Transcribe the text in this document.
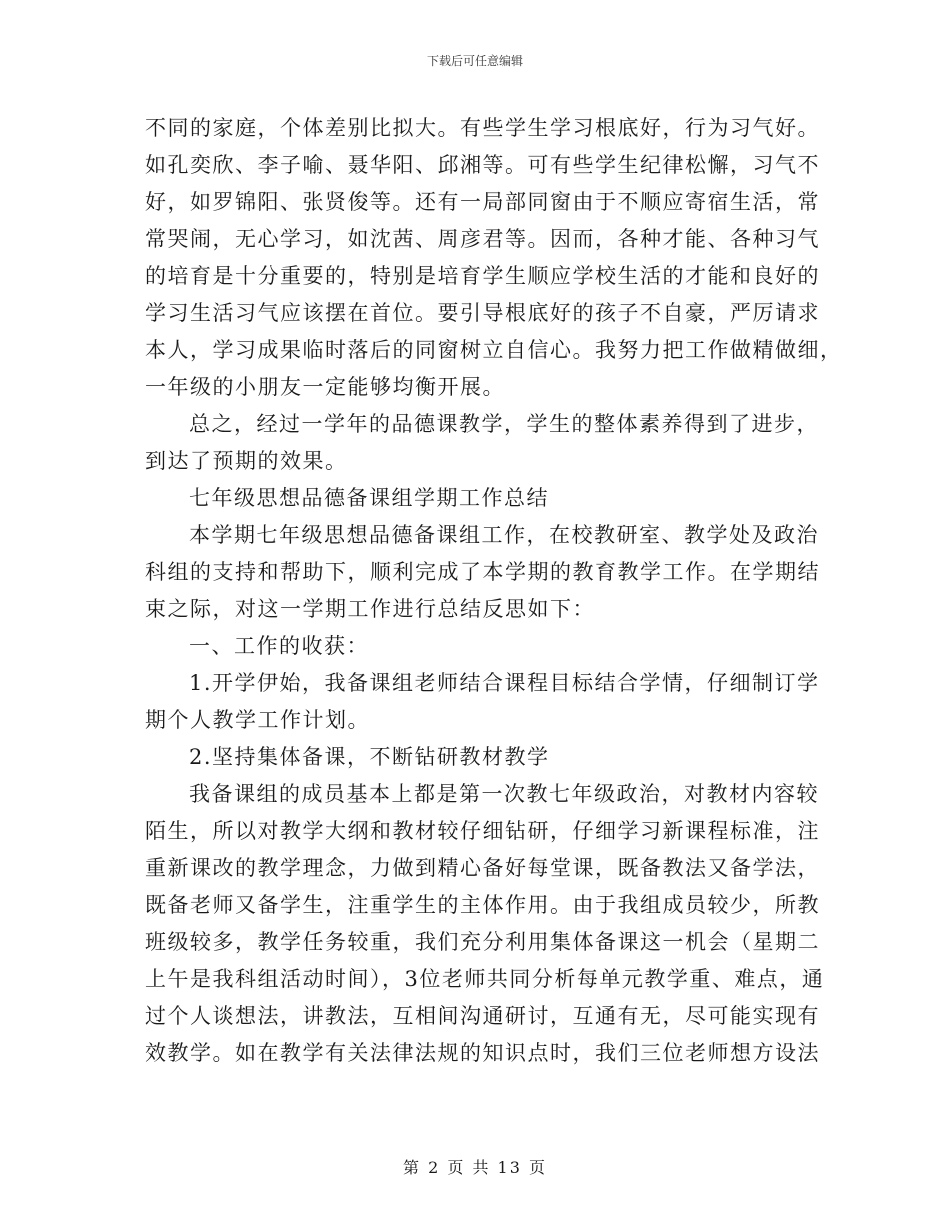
下载后可任意编辑
不同的家庭，个体差别比拟大。有些学生学习根底好，行为习气好。
如孔奕欣、李子喻、聂华阳、邱湘等。可有些学生纪律松懈，习气不
好，如罗锦阳、张贤俊等。还有一局部同窗由于不顺应寄宿生活，常
常哭闹，无心学习，如沈茜、周彦君等。因而，各种才能、各种习气
的培育是十分重要的，特别是培育学生顺应学校生活的才能和良好的
学习生活习气应该摆在首位。要引导根底好的孩子不自豪，严厉请求
本人，学习成果临时落后的同窗树立自信心。我努力把工作做精做细，
一年级的小朋友一定能够均衡开展。
总之，经过一学年的品德课教学，学生的整体素养得到了进步，
到达了预期的效果。
七年级思想品德备课组学期工作总结
本学期七年级思想品德备课组工作，在校教研室、教学处及政治
科组的支持和帮助下，顺利完成了本学期的教育教学工作。在学期结
束之际，对这一学期工作进行总结反思如下：
一、工作的收获：
1.开学伊始，我备课组老师结合课程目标结合学情，仔细制订学
期个人教学工作计划。
2.坚持集体备课，不断钻研教材教学
我备课组的成员基本上都是第一次教七年级政治，对教材内容较
陌生，所以对教学大纲和教材较仔细钻研，仔细学习新课程标准，注
重新课改的教学理念，力做到精心备好每堂课，既备教法又备学法，
既备老师又备学生，注重学生的主体作用。由于我组成员较少，所教
班级较多，教学任务较重，我们充分利用集体备课这一机会（星期二
上午是我科组活动时间），3位老师共同分析每单元教学重、难点，通
过个人谈想法，讲教法，互相间沟通研讨，互通有无，尽可能实现有
效教学。如在教学有关法律法规的知识点时，我们三位老师想方设法
第 2 页 共 13 页
